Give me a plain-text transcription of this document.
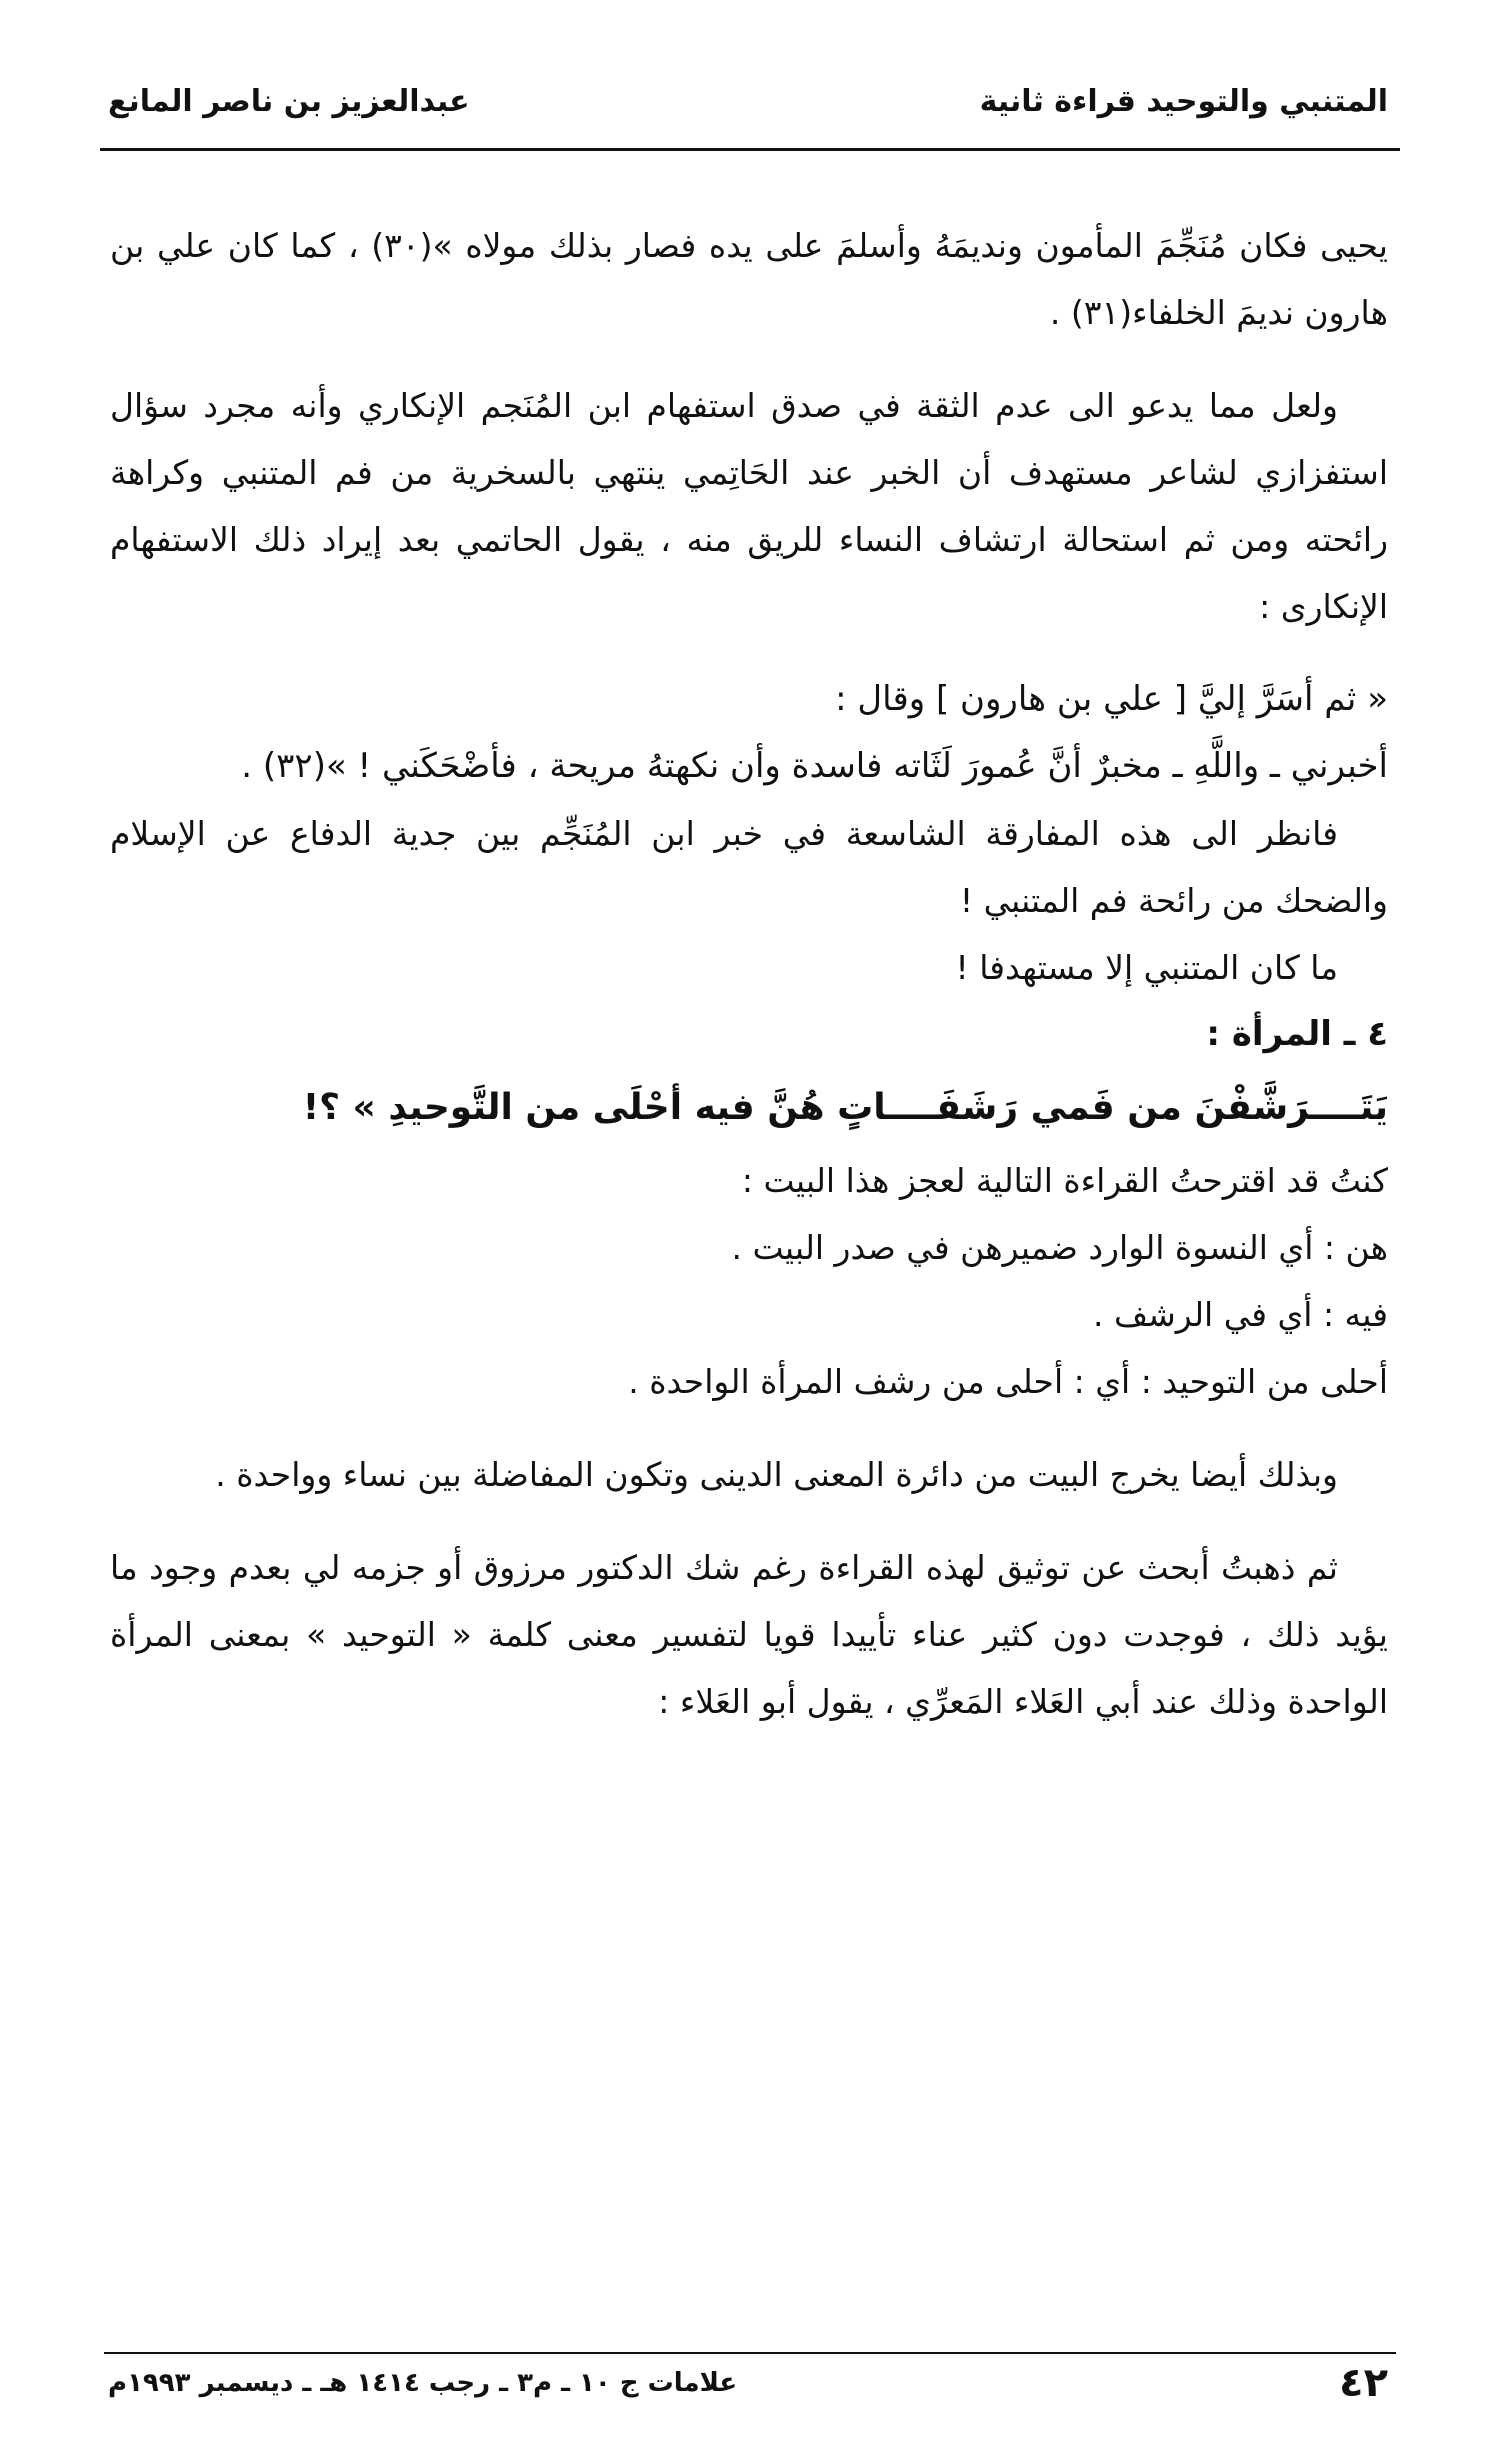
المتنبي والتوحيد قراءة ثانية
عبدالعزيز بن ناصر المانع

يحيى فكان مُنَجِّمَ المأمون ونديمَهُ وأسلمَ على يده فصار بذلك مولاه »(٣٠) ، كما كان علي بن هارون نديمَ الخلفاء(٣١) .

ولعل مما يدعو الى عدم الثقة في صدق استفهام ابن المُنَجم الإنكاري وأنه مجرد سؤال استفزازي لشاعر مستهدف أن الخبر عند الحَاتِمي ينتهي بالسخرية من فم المتنبي وكراهة رائحته ومن ثم استحالة ارتشاف النساء للريق منه ، يقول الحاتمي بعد إيراد ذلك الاستفهام الإنكارى :

« ثم أسَرَّ إليَّ [ علي بن هارون ] وقال :

أخبرني ـ واللَّهِ ـ مخبرٌ أنَّ عُمورَ لَثَاته فاسدة وأن نكهتهُ مريحة ، فأضْحَكَني ! »(٣٢) .

فانظر الى هذه المفارقة الشاسعة في خبر ابن المُنَجِّم بين جدية الدفاع عن الإسلام والضحك من رائحة فم المتنبي !

ما كان المتنبي إلا مستهدفا !

٤ ـ المرأة :

يَتَــــرَشَّفْنَ من فَمي رَشَفَــــاتٍ هُنَّ فيه أحْلَى من التَّوحيدِ » ؟!

كنتُ قد اقترحتُ القراءة التالية لعجز هذا البيت :

هن : أي النسوة الوارد ضميرهن في صدر البيت .

فيه : أي في الرشف .

أحلى من التوحيد : أي : أحلى من رشف المرأة الواحدة .

وبذلك أيضا يخرج البيت من دائرة المعنى الدينى وتكون المفاضلة بين نساء وواحدة .

ثم ذهبتُ أبحث عن توثيق لهذه القراءة رغم شك الدكتور مرزوق أو جزمه لي بعدم وجود ما يؤيد ذلك ، فوجدت دون كثير عناء تأييدا قويا لتفسير معنى كلمة « التوحيد » بمعنى المرأة الواحدة وذلك عند أبي العَلاء المَعرِّي ، يقول أبو العَلاء :

٤٢
علامات ج ١٠ ـ م٣ ـ رجب ١٤١٤ هـ ـ ديسمبر ١٩٩٣م
